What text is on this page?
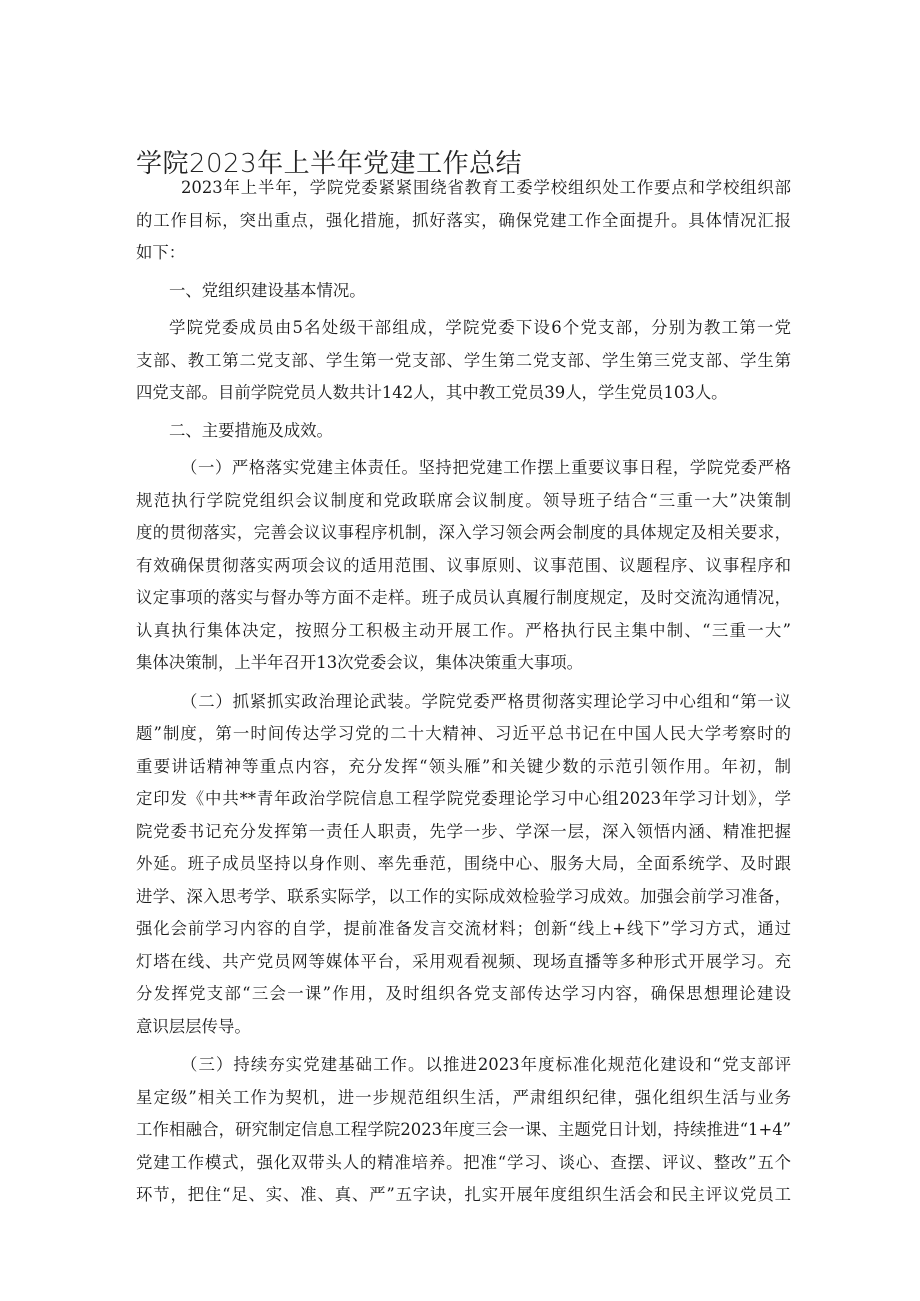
学院2023年上半年党建工作总结
2023年上半年，学院党委紧紧围绕省教育工委学校组织处工作要点和学校组织部
的工作目标，突出重点，强化措施，抓好落实，确保党建工作全面提升。具体情况汇报
如下：
一、党组织建设基本情况。
学院党委成员由5名处级干部组成，学院党委下设6个党支部，分别为教工第一党
支部、教工第二党支部、学生第一党支部、学生第二党支部、学生第三党支部、学生第
四党支部。目前学院党员人数共计142人，其中教工党员39人，学生党员103人。
二、主要措施及成效。
（一）严格落实党建主体责任。坚持把党建工作摆上重要议事日程，学院党委严格
规范执行学院党组织会议制度和党政联席会议制度。领导班子结合“三重一大”决策制
度的贯彻落实，完善会议议事程序机制，深入学习领会两会制度的具体规定及相关要求，
有效确保贯彻落实两项会议的适用范围、议事原则、议事范围、议题程序、议事程序和
议定事项的落实与督办等方面不走样。班子成员认真履行制度规定，及时交流沟通情况，
认真执行集体决定，按照分工积极主动开展工作。严格执行民主集中制、“三重一大”
集体决策制，上半年召开13次党委会议，集体决策重大事项。
（二）抓紧抓实政治理论武装。学院党委严格贯彻落实理论学习中心组和“第一议
题”制度，第一时间传达学习党的二十大精神、习近平总书记在中国人民大学考察时的
重要讲话精神等重点内容，充分发挥“领头雁”和关键少数的示范引领作用。年初，制
定印发《中共**青年政治学院信息工程学院党委理论学习中心组2023年学习计划》，学
院党委书记充分发挥第一责任人职责，先学一步、学深一层，深入领悟内涵、精准把握
外延。班子成员坚持以身作则、率先垂范，围绕中心、服务大局，全面系统学、及时跟
进学、深入思考学、联系实际学，以工作的实际成效检验学习成效。加强会前学习准备，
强化会前学习内容的自学，提前准备发言交流材料；创新“线上+线下”学习方式，通过
灯塔在线、共产党员网等媒体平台，采用观看视频、现场直播等多种形式开展学习。充
分发挥党支部“三会一课”作用，及时组织各党支部传达学习内容，确保思想理论建设
意识层层传导。
（三）持续夯实党建基础工作。以推进2023年度标准化规范化建设和“党支部评
星定级”相关工作为契机，进一步规范组织生活，严肃组织纪律，强化组织生活与业务
工作相融合，研究制定信息工程学院2023年度三会一课、主题党日计划，持续推进“1+4”
党建工作模式，强化双带头人的精准培养。把准“学习、谈心、查摆、评议、整改”五个
环节，把住“足、实、准、真、严”五字诀，扎实开展年度组织生活会和民主评议党员工
